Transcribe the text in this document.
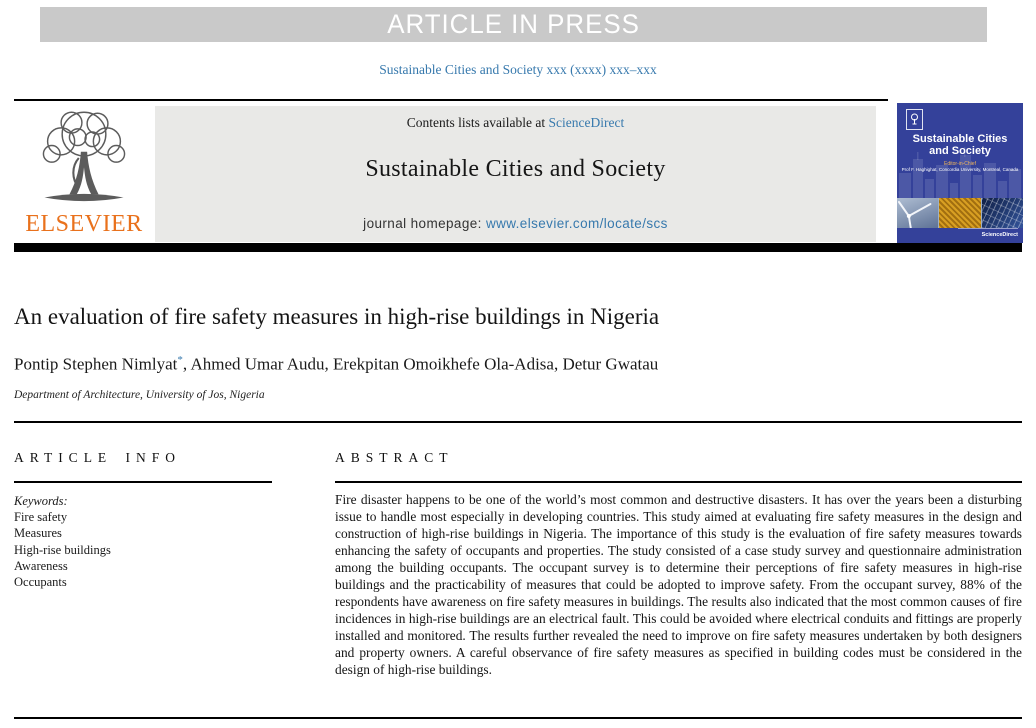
ARTICLE IN PRESS
Sustainable Cities and Society xxx (xxxx) xxx–xxx
ELSEVIER
Contents lists available at ScienceDirect
Sustainable Cities and Society
journal homepage: www.elsevier.com/locate/scs
Sustainable Cities
and Society
Editor-in-Chief
Prof F. Haghighat, Concordia University, Montreal, Canada
ScienceDirect
An evaluation of fire safety measures in high-rise buildings in Nigeria
Pontip Stephen Nimlyat*, Ahmed Umar Audu, Erekpitan Omoikhefe Ola-Adisa, Detur Gwatau
Department of Architecture, University of Jos, Nigeria
ARTICLE INFO
Keywords:
Fire safety
Measures
High-rise buildings
Awareness
Occupants
ABSTRACT
Fire disaster happens to be one of the world’s most common and destructive disasters. It has over the years been a disturbing issue to handle most especially in developing countries. This study aimed at evaluating fire safety measures in the design and construction of high-rise buildings in Nigeria. The importance of this study is the evaluation of fire safety measures towards enhancing the safety of occupants and properties. The study consisted of a case study survey and questionnaire administration among the building occupants. The occupant survey is to determine their perceptions of fire safety measures in high-rise buildings and the practicability of measures that could be adopted to improve safety. From the occupant survey, 88% of the respondents have awareness on fire safety measures in buildings. The results also indicated that the most common causes of fire incidences in high-rise buildings are an electrical fault. This could be avoided where electrical conduits and fittings are properly installed and monitored. The results further revealed the need to improve on fire safety measures undertaken by both designers and property owners. A careful observance of fire safety measures as specified in building codes must be considered in the design of high-rise buildings.
